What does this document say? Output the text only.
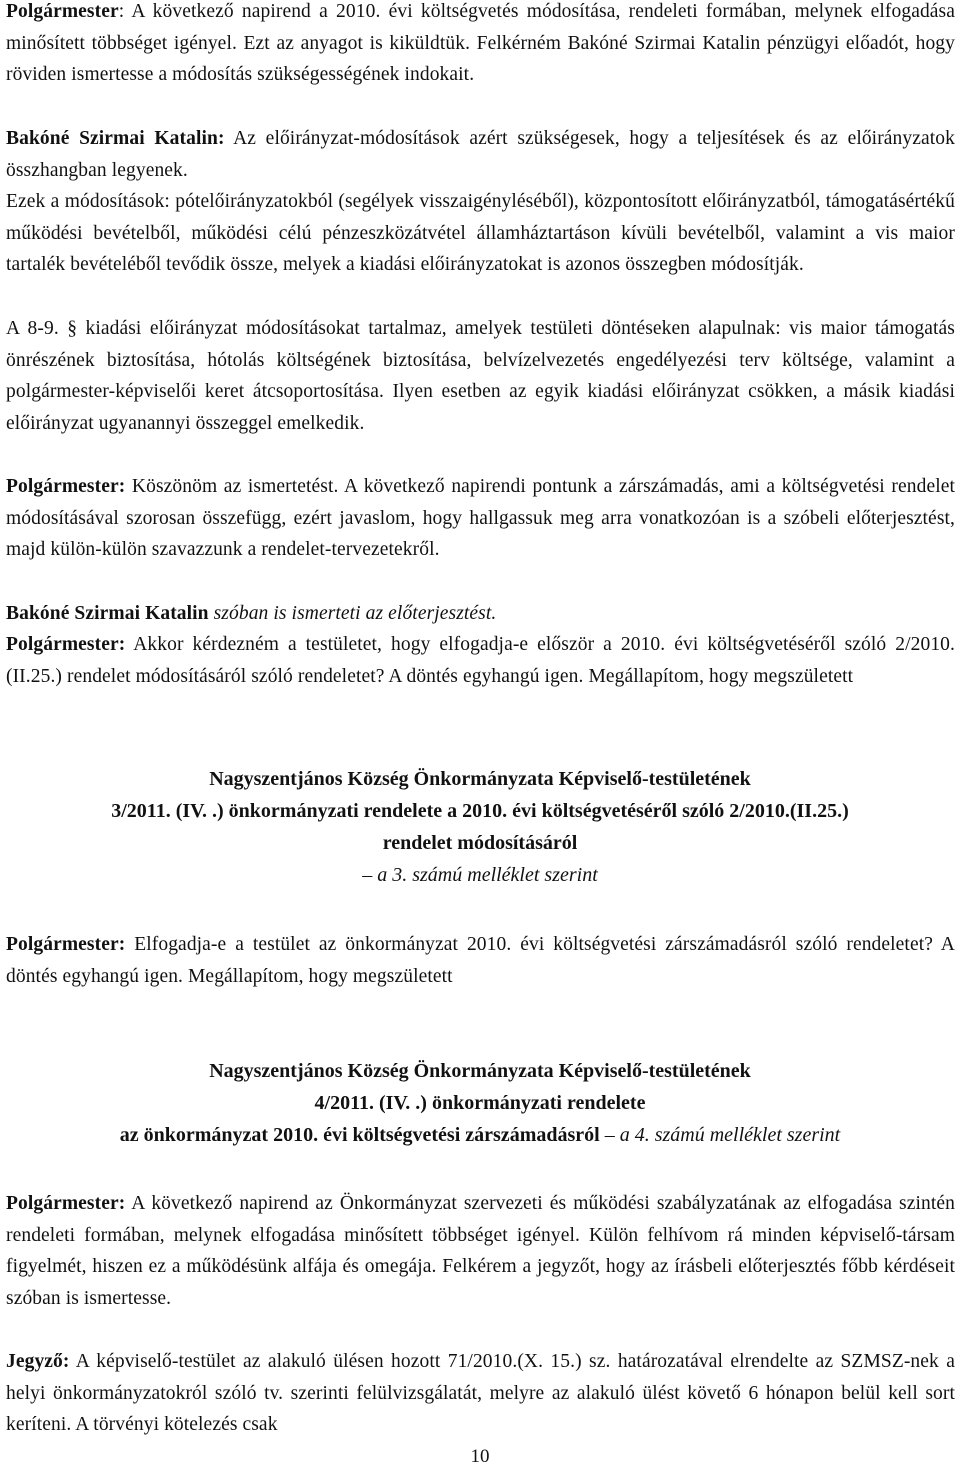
Polgármester: A következő napirend a 2010. évi költségvetés módosítása, rendeleti formában, melynek elfogadása minősített többséget igényel. Ezt az anyagot is kiküldtük. Felkérném Bakóné Szirmai Katalin pénzügyi előadót, hogy röviden ismertesse a módosítás szükségességének indokait.
Bakóné Szirmai Katalin: Az előirányzat-módosítások azért szükségesek, hogy a teljesítések és az előirányzatok összhangban legyenek.
Ezek a módosítások: pótelőirányzatokból (segélyek visszaigényléséből), központosított előirányzatból, támogatásértékű működési bevételből, működési célú pénzeszközátvétel államháztartáson kívüli bevételből, valamint a vis maior tartalék bevételéből tevődik össze, melyek a kiadási előirányzatokat is azonos összegben módosítják.
A 8-9. § kiadási előirányzat módosításokat tartalmaz, amelyek testületi döntéseken alapulnak: vis maior támogatás önrészének biztosítása, hótolás költségének biztosítása, belvízelvezetés engedélyezési terv költsége, valamint a polgármester-képviselői keret átcsoportosítása. Ilyen esetben az egyik kiadási előirányzat csökken, a másik kiadási előirányzat ugyanannyi összeggel emelkedik.
Polgármester: Köszönöm az ismertetést. A következő napirendi pontunk a zárszámadás, ami a költségvetési rendelet módosításával szorosan összefügg, ezért javaslom, hogy hallgassuk meg arra vonatkozóan is a szóbeli előterjesztést, majd külön-külön szavazzunk a rendelet-tervezetekről.
Bakóné Szirmai Katalin szóban is ismerteti az előterjesztést.
Polgármester: Akkor kérdezném a testületet, hogy elfogadja-e először a 2010. évi költségvetéséről szóló 2/2010.(II.25.) rendelet módosításáról szóló rendeletet? A döntés egyhangú igen. Megállapítom, hogy megszületett
Nagyszentjános Község Önkormányzata Képviselő-testületének
3/2011. (IV. .) önkormányzati rendelete a 2010. évi költségvetéséről szóló 2/2010.(II.25.)
rendelet módosításáról
– a 3. számú melléklet szerint
Polgármester: Elfogadja-e a testület az önkormányzat 2010. évi költségvetési zárszámadásról szóló rendeletet? A döntés egyhangú igen. Megállapítom, hogy megszületett
Nagyszentjános Község Önkormányzata Képviselő-testületének
4/2011. (IV. .) önkormányzati rendelete
az önkormányzat 2010. évi költségvetési zárszámadásról – a 4. számú melléklet szerint
Polgármester: A következő napirend az Önkormányzat szervezeti és működési szabályzatának az elfogadása szintén rendeleti formában, melynek elfogadása minősített többséget igényel. Külön felhívom rá minden képviselő-társam figyelmét, hiszen ez a működésünk alfája és omegája. Felkérem a jegyzőt, hogy az írásbeli előterjesztés főbb kérdéseit szóban is ismertesse.
Jegyző: A képviselő-testület az alakuló ülésen hozott 71/2010.(X. 15.) sz. határozatával elrendelte az SZMSZ-nek a helyi önkormányzatokról szóló tv. szerinti felülvizsgálatát, melyre az alakuló ülést követő 6 hónapon belül kell sort keríteni. A törvényi kötelezés csak
10
